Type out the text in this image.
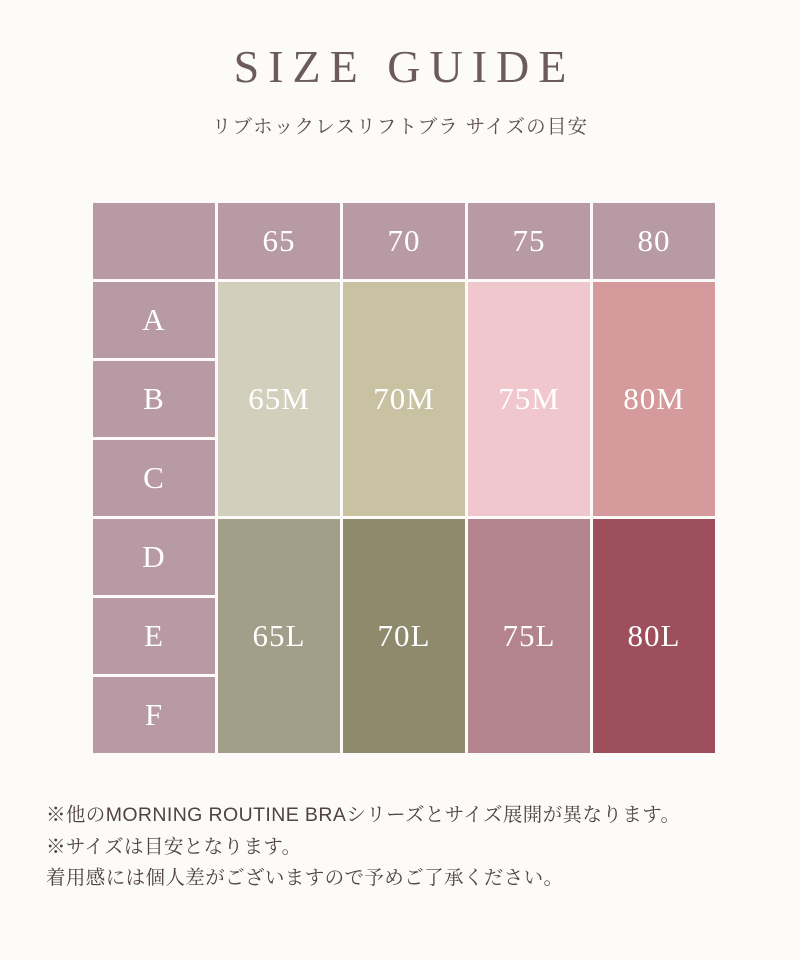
SIZE GUIDE

リブホックレスリフトブラ サイズの目安

	65	70	75	80
A	65M	70M	75M	80M
B				
C				
D	65L	70L	75L	80L
E				
F				
※他のMORNING ROUTINE BRAシリーズとサイズ展開が異なります。
※サイズは目安となります。
着用感には個人差がございますので予めご了承ください。
